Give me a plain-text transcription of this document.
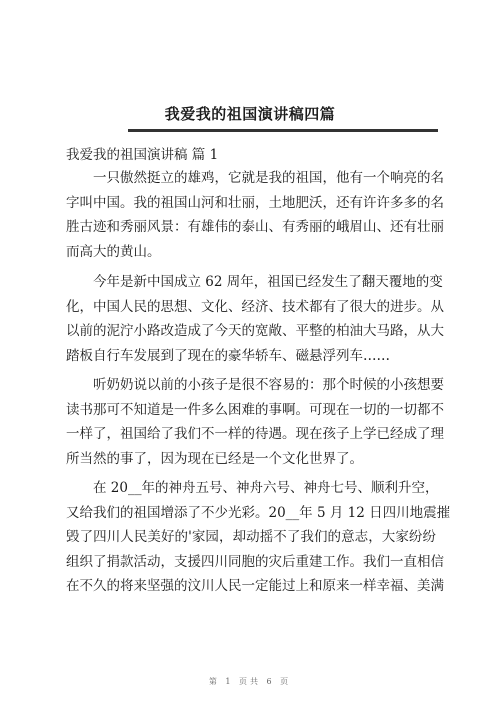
我爱我的祖国演讲稿四篇
我爱我的祖国演讲稿 篇 1
一只傲然挺立的雄鸡，它就是我的祖国，他有一个响亮的名
字叫中国。我的祖国山河和壮丽，土地肥沃，还有许许多多的名
胜古迹和秀丽风景：有雄伟的泰山、有秀丽的峨眉山、还有壮丽
而高大的黄山。
今年是新中国成立 62 周年，祖国已经发生了翻天覆地的变
化，中国人民的思想、文化、经济、技术都有了很大的进步。从
以前的泥泞小路改造成了今天的宽敞、平整的柏油大马路，从大
踏板自行车发展到了现在的豪华轿车、磁悬浮列车……
听奶奶说以前的小孩子是很不容易的：那个时候的小孩想要
读书那可不知道是一件多么困难的事啊。可现在一切的一切都不
一样了，祖国给了我们不一样的待遇。现在孩子上学已经成了理
所当然的事了，因为现在已经是一个文化世界了。
在 20__年的神舟五号、神舟六号、神舟七号、顺利升空，
又给我们的祖国增添了不少光彩。20__年 5 月 12 日四川地震摧
毁了四川人民美好的'家园，却动摇不了我们的意志，大家纷纷
组织了捐款活动，支援四川同胞的灾后重建工作。我们一直相信
在不久的将来坚强的汶川人民一定能过上和原来一样幸福、美满
第 1 页共 6 页
